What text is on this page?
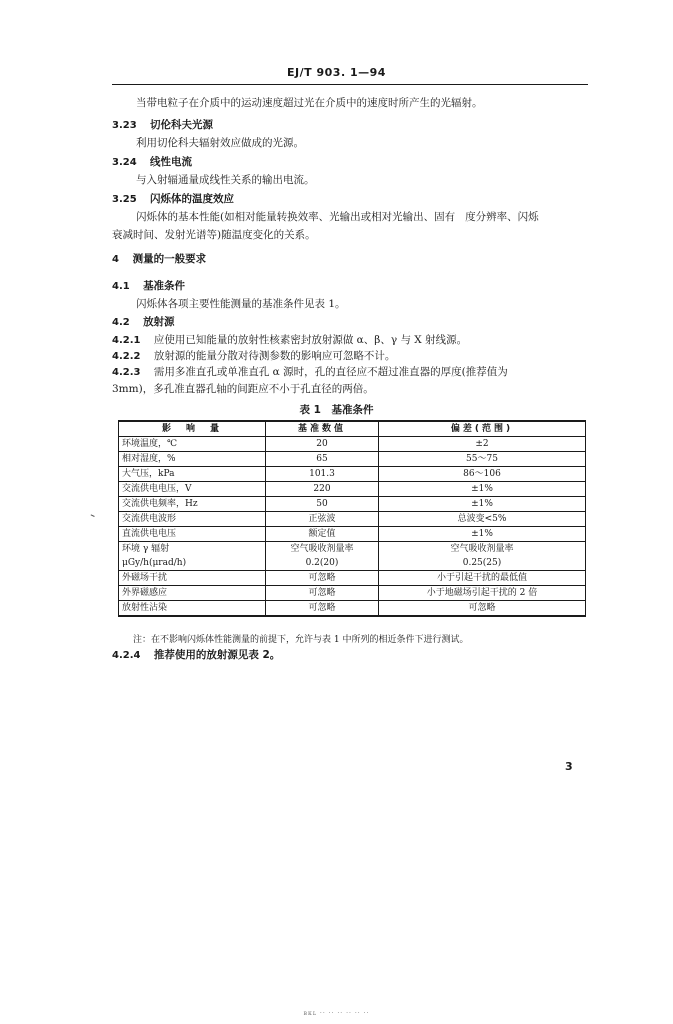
EJ/T 903. 1—94
当带电粒子在介质中的运动速度超过光在介质中的速度时所产生的光辐射。
3.23 切伦科夫光源
利用切伦科夫辐射效应做成的光源。
3.24 线性电流
与入射辐通量成线性关系的输出电流。
3.25 闪烁体的温度效应
闪烁体的基本性能(如相对能量转换效率、光输出或相对光输出、固有 度分辨率、闪烁
衰减时间、发射光谱等)随温度变化的关系。
4 测量的一般要求
4.1 基准条件
闪烁体各项主要性能测量的基准条件见表 1。
4.2 放射源
4.2.1 应使用已知能量的放射性核素密封放射源做 α、β、γ 与 X 射线源。
4.2.2 放射源的能量分散对待测参数的影响应可忽略不计。
4.2.3 需用多准直孔或单准直孔 α 源时，孔的直径应不超过准直器的厚度(推荐值为
3mm)，多孔准直器孔轴的间距应不小于孔直径的两倍。
表 1　基准条件
影　响　量	基准数值	偏差(范围)
环境温度，℃	20	±2
相对湿度，%	65	55～75
大气压，kPa	101.3	86～106
交流供电电压，V	220	±1%
交流供电频率，Hz	50	±1%
交流供电波形	正弦波	总波变<5%
直流供电电压	额定值	±1%
环境 γ 辐射	空气吸收剂量率	空气吸收剂量率
μGy/h(μrad/h)	0.2(20)	0.25(25)
外磁场干扰	可忽略	小于引起干扰的最低值
外界磁感应	可忽略	小于地磁场引起干扰的 2 倍
放射性沾染	可忽略	可忽略
注：在不影响闪烁体性能测量的前提下，允许与表 1 中所列的相近条件下进行测试。
4.2.4 推荐使用的放射源见表 2。
3
ʙᴋʟ ·· ·· ·· ·· ·· ··
